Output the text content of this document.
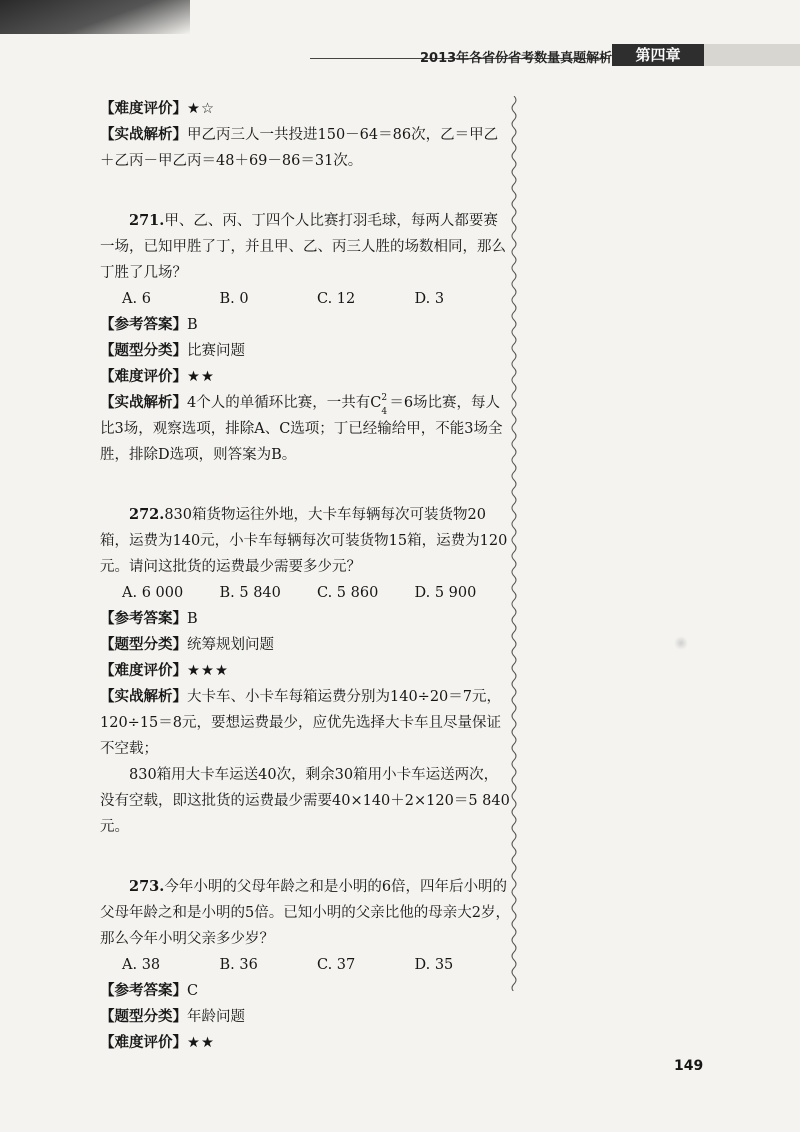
2013年各省份省考数量真题解析	第四章

【难度评价】★☆

【实战解析】甲乙丙三人一共投进150－64＝86次，乙＝甲乙＋乙丙－甲乙丙＝48＋69－86＝31次。

271.甲、乙、丙、丁四个人比赛打羽毛球，每两人都要赛一场，已知甲胜了丁，并且甲、乙、丙三人胜的场数相同，那么丁胜了几场？

A. 6	B. 0	C. 12	D. 3

【参考答案】B

【题型分类】比赛问题

【难度评价】★★

【实战解析】4个人的单循环比赛，一共有C 2
4
＝6场比赛，每人比3场，观察选项，排除A、C选项；丁已经输给甲，不能3场全胜，排除D选项，则答案为B。

272.830箱货物运往外地，大卡车每辆每次可装货物20箱，运费为140元，小卡车每辆每次可装货物15箱，运费为120元。请问这批货的运费最少需要多少元？

A. 6 000	B. 5 840	C. 5 860	D. 5 900

【参考答案】B

【题型分类】统筹规划问题

【难度评价】★★★

【实战解析】大卡车、小卡车每箱运费分别为140÷20＝7元，120÷15＝8元，要想运费最少，应优先选择大卡车且尽量保证不空载；

830箱用大卡车运送40次，剩余30箱用小卡车运送两次，没有空载，即这批货的运费最少需要40×140＋2×120＝5 840元。

273.今年小明的父母年龄之和是小明的6倍，四年后小明的父母年龄之和是小明的5倍。已知小明的父亲比他的母亲大2岁，那么今年小明父亲多少岁？

A. 38	B. 36	C. 37	D. 35

【参考答案】C

【题型分类】年龄问题

【难度评价】★★

149
